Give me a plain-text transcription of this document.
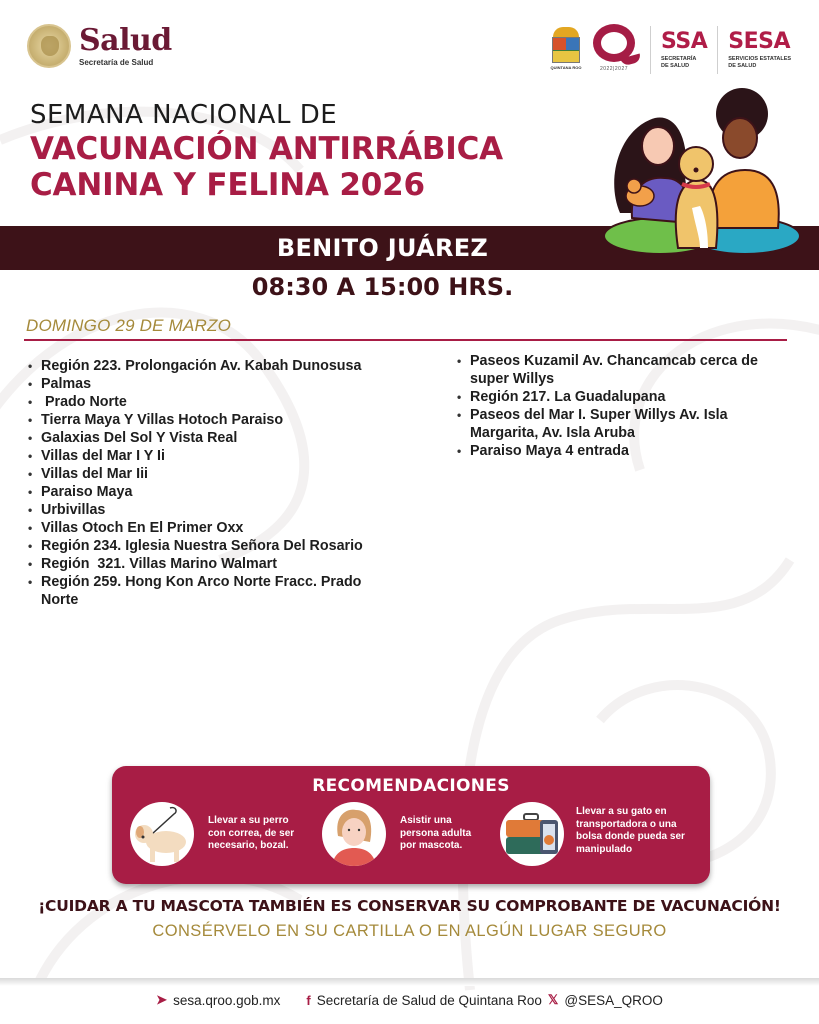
Salud
Secretaría de Salud
QUINTANA ROO	2022|2027
SSA
SECRETARÍA
DE SALUD
SESA
SERVICIOS ESTATALES
DE SALUD
SEMANA NACIONAL DE
VACUNACIÓN ANTIRRÁBICA
CANINA Y FELINA 2026
BENITO JUÁREZ
08:30 A 15:00 HRS.
DOMINGO 29 DE MARZO
• Región 223. Prolongación Av. Kabah Dunosusa
• Palmas
•  Prado Norte
• Tierra Maya Y Villas Hotoch Paraiso
• Galaxias Del Sol Y Vista Real
• Villas del Mar I Y Ii
• Villas del Mar Iii
• Paraiso Maya
• Urbivillas
• Villas Otoch En El Primer Oxx
• Región 234. Iglesia Nuestra Señora Del Rosario
• Región  321. Villas Marino Walmart
• Región 259. Hong Kon Arco Norte Fracc. Prado Norte
• Paseos Kuzamil Av. Chancamcab cerca de super Willys
• Región 217. La Guadalupana
• Paseos del Mar I. Super Willys Av. Isla Margarita, Av. Isla Aruba
• Paraiso Maya 4 entrada
RECOMENDACIONES
Llevar a su perro con correa, de ser necesario, bozal.
Asistir una persona adulta por mascota.
Llevar a su gato en transportadora o una bolsa donde pueda ser manipulado
¡CUIDAR A TU MASCOTA TAMBIÉN ES CONSERVAR SU COMPROBANTE DE VACUNACIÓN!
CONSÉRVELO EN SU CARTILLA O EN ALGÚN LUGAR SEGURO
➤ sesa.qroo.gob.mx f Secretaría de Salud de Quintana Roo 𝕏 @SESA_QROO
